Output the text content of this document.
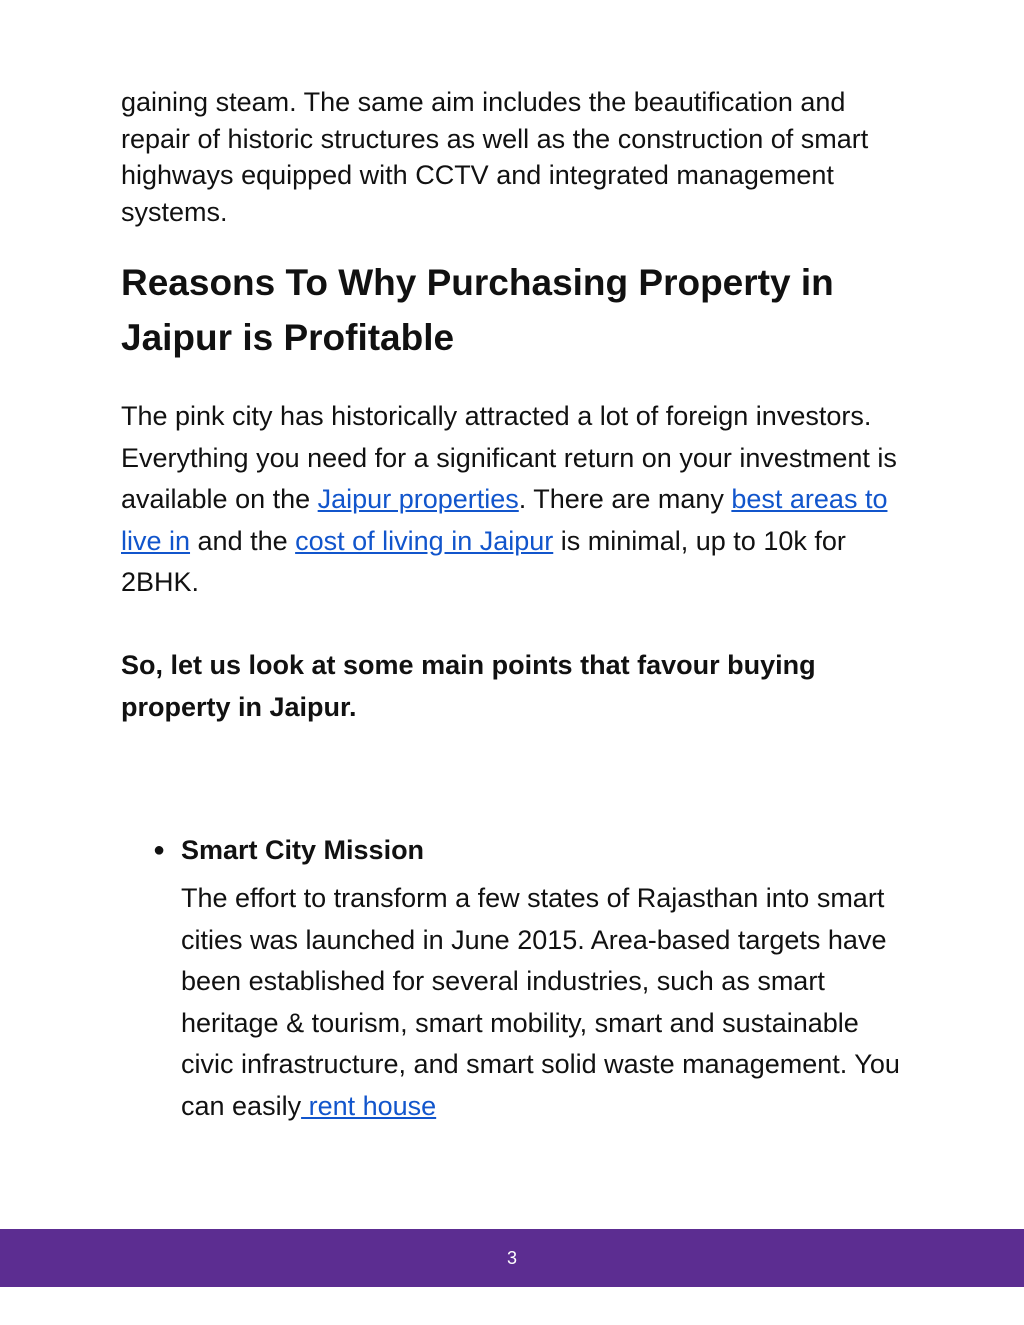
gaining steam. The same aim includes the beautification and repair of historic structures as well as the construction of smart highways equipped with CCTV and integrated management systems.

Reasons To Why Purchasing Property in Jaipur is Profitable

The pink city has historically attracted a lot of foreign investors. Everything you need for a significant return on your investment is available on the Jaipur properties. There are many best areas to live in and the cost of living in Jaipur is minimal, up to 10k for 2BHK.

So, let us look at some main points that favour buying property in Jaipur.

● Smart City Mission

The effort to transform a few states of Rajasthan into smart cities was launched in June 2015. Area-based targets have been established for several industries, such as smart heritage & tourism, smart mobility, smart and sustainable civic infrastructure, and smart solid waste management. You can easily rent house

3
